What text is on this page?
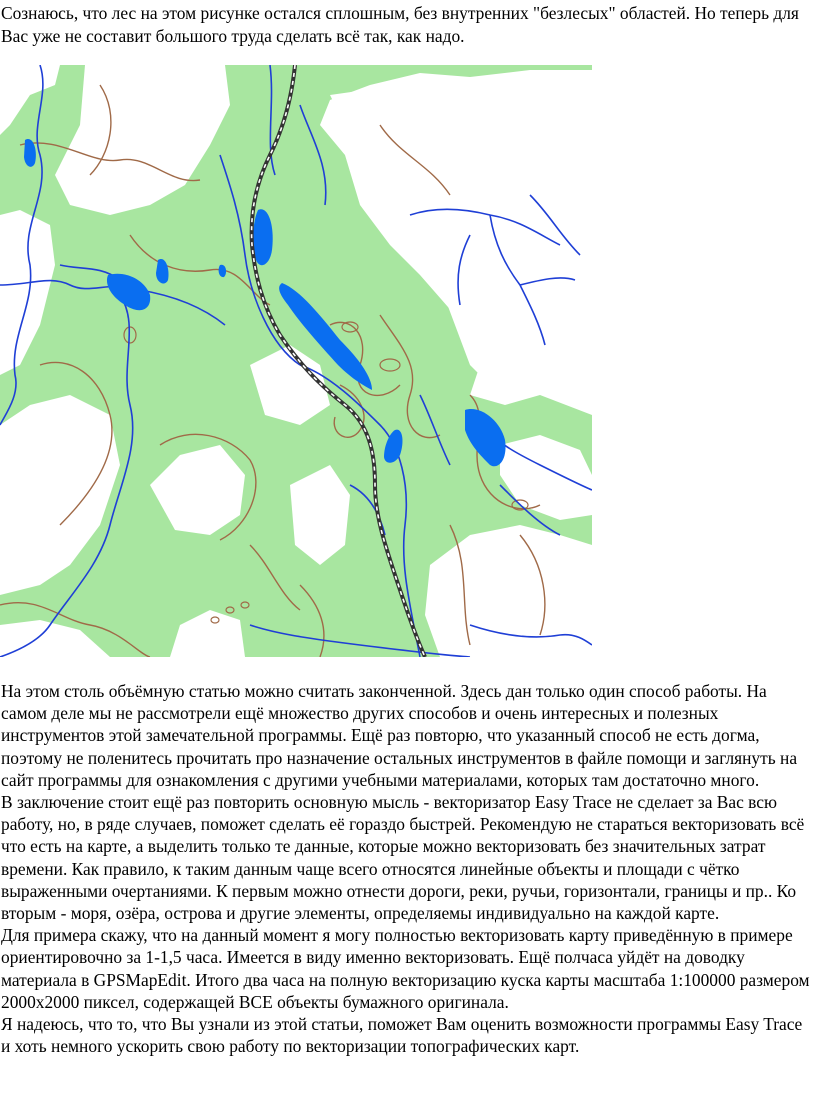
Сознаюсь, что лес на этом рисунке остался сплошным, без внутренних "безлесых" областей. Но теперь для Вас уже не составит большого труда сделать всё так, как надо.

На этом столь объёмную статью можно считать законченной. Здесь дан только один способ работы. На самом деле мы не рассмотрели ещё множество других способов и очень интересных и полезных инструментов этой замечательной программы. Ещё раз повторю, что указанный способ не есть догма, поэтому не поленитесь прочитать про назначение остальных инструментов в файле помощи и заглянуть на сайт программы для ознакомления с другими учебными материалами, которых там достаточно много.

В заключение стоит ещё раз повторить основную мысль - векторизатор Easy Trace не сделает за Вас всю работу, но, в ряде случаев, поможет сделать её гораздо быстрей. Рекомендую не стараться векторизовать всё что есть на карте, а выделить только те данные, которые можно векторизовать без значительных затрат времени. Как правило, к таким данным чаще всего относятся линейные объекты и площади с чётко выраженными очертаниями. К первым можно отнести дороги, реки, ручьи, горизонтали, границы и пр.. Ко вторым - моря, озёра, острова и другие элементы, определяемы индивидуально на каждой карте.

Для примера скажу, что на данный момент я могу полностью векторизовать карту приведённую в примере ориентировочно за 1-1,5 часа. Имеется в виду именно векторизовать. Ещё полчаса уйдёт на доводку материала в GPSMapEdit. Итого два часа на полную векторизацию куска карты масштаба 1:100000 размером 2000х2000 пиксел, содержащей ВСЕ объекты бумажного оригинала.

Я надеюсь, что то, что Вы узнали из этой статьи, поможет Вам оценить возможности программы Easy Trace и хоть немного ускорить свою работу по векторизации топографических карт.
